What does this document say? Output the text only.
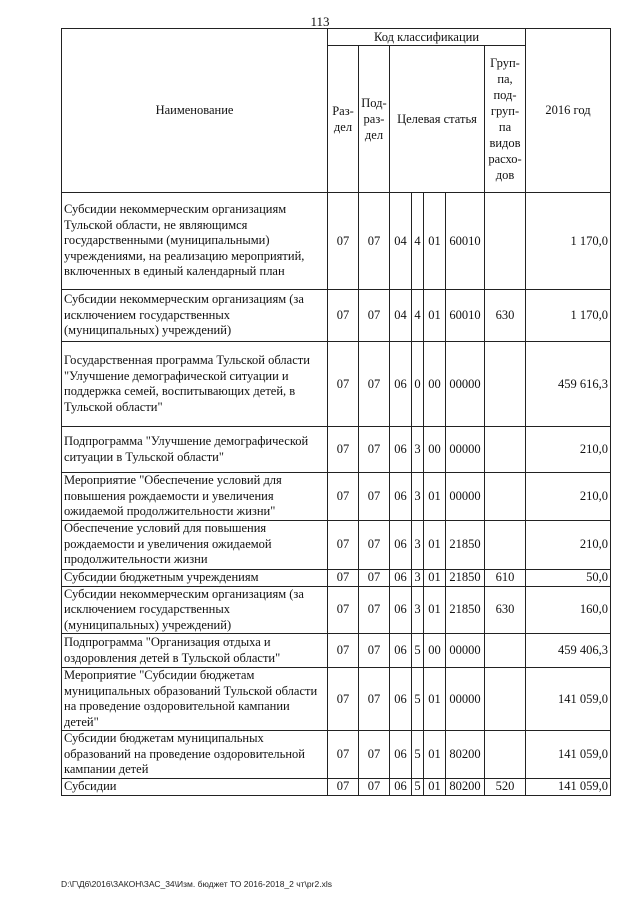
113
Наименование	Код классификации							2016 год
	Раз-дел	Под-раз-дел	Целевая статья				Груп-па, под-груп-па видов расхо-дов	
Субсидии некоммерческим организациям Тульской области, не являющимся государственными (муниципальными) учреждениями, на реализацию мероприятий, включенных в единый календарный план	07	07	04	4	01	60010		1 170,0
Субсидии некоммерческим организациям (за исключением государственных (муниципальных) учреждений)	07	07	04	4	01	60010	630	1 170,0
Государственная программа Тульской области "Улучшение демографической ситуации и поддержка семей, воспитывающих детей, в Тульской области"	07	07	06	0	00	00000		459 616,3
Подпрограмма "Улучшение демографической ситуации в Тульской области"	07	07	06	3	00	00000		210,0
Мероприятие "Обеспечение условий для повышения рождаемости и увеличения ожидаемой продолжительности жизни"	07	07	06	3	01	00000		210,0
Обеспечение условий для повышения рождаемости и увеличения ожидаемой продолжительности жизни	07	07	06	3	01	21850		210,0
Субсидии бюджетным учреждениям	07	07	06	3	01	21850	610	50,0
Субсидии некоммерческим организациям (за исключением государственных (муниципальных) учреждений)	07	07	06	3	01	21850	630	160,0
Подпрограмма "Организация отдыха и оздоровления детей в Тульской области"	07	07	06	5	00	00000		459 406,3
Мероприятие "Субсидии бюджетам муниципальных образований Тульской области на проведение оздоровительной кампании детей"	07	07	06	5	01	00000		141 059,0
Субсидии бюджетам муниципальных образований на проведение оздоровительной кампании детей	07	07	06	5	01	80200		141 059,0
Субсидии	07	07	06	5	01	80200	520	141 059,0
D:\Г\Д6\2016\ЗАКОН\ЗАС_34\Изм. бюджет ТО 2016-2018_2 чт\pr2.xls
